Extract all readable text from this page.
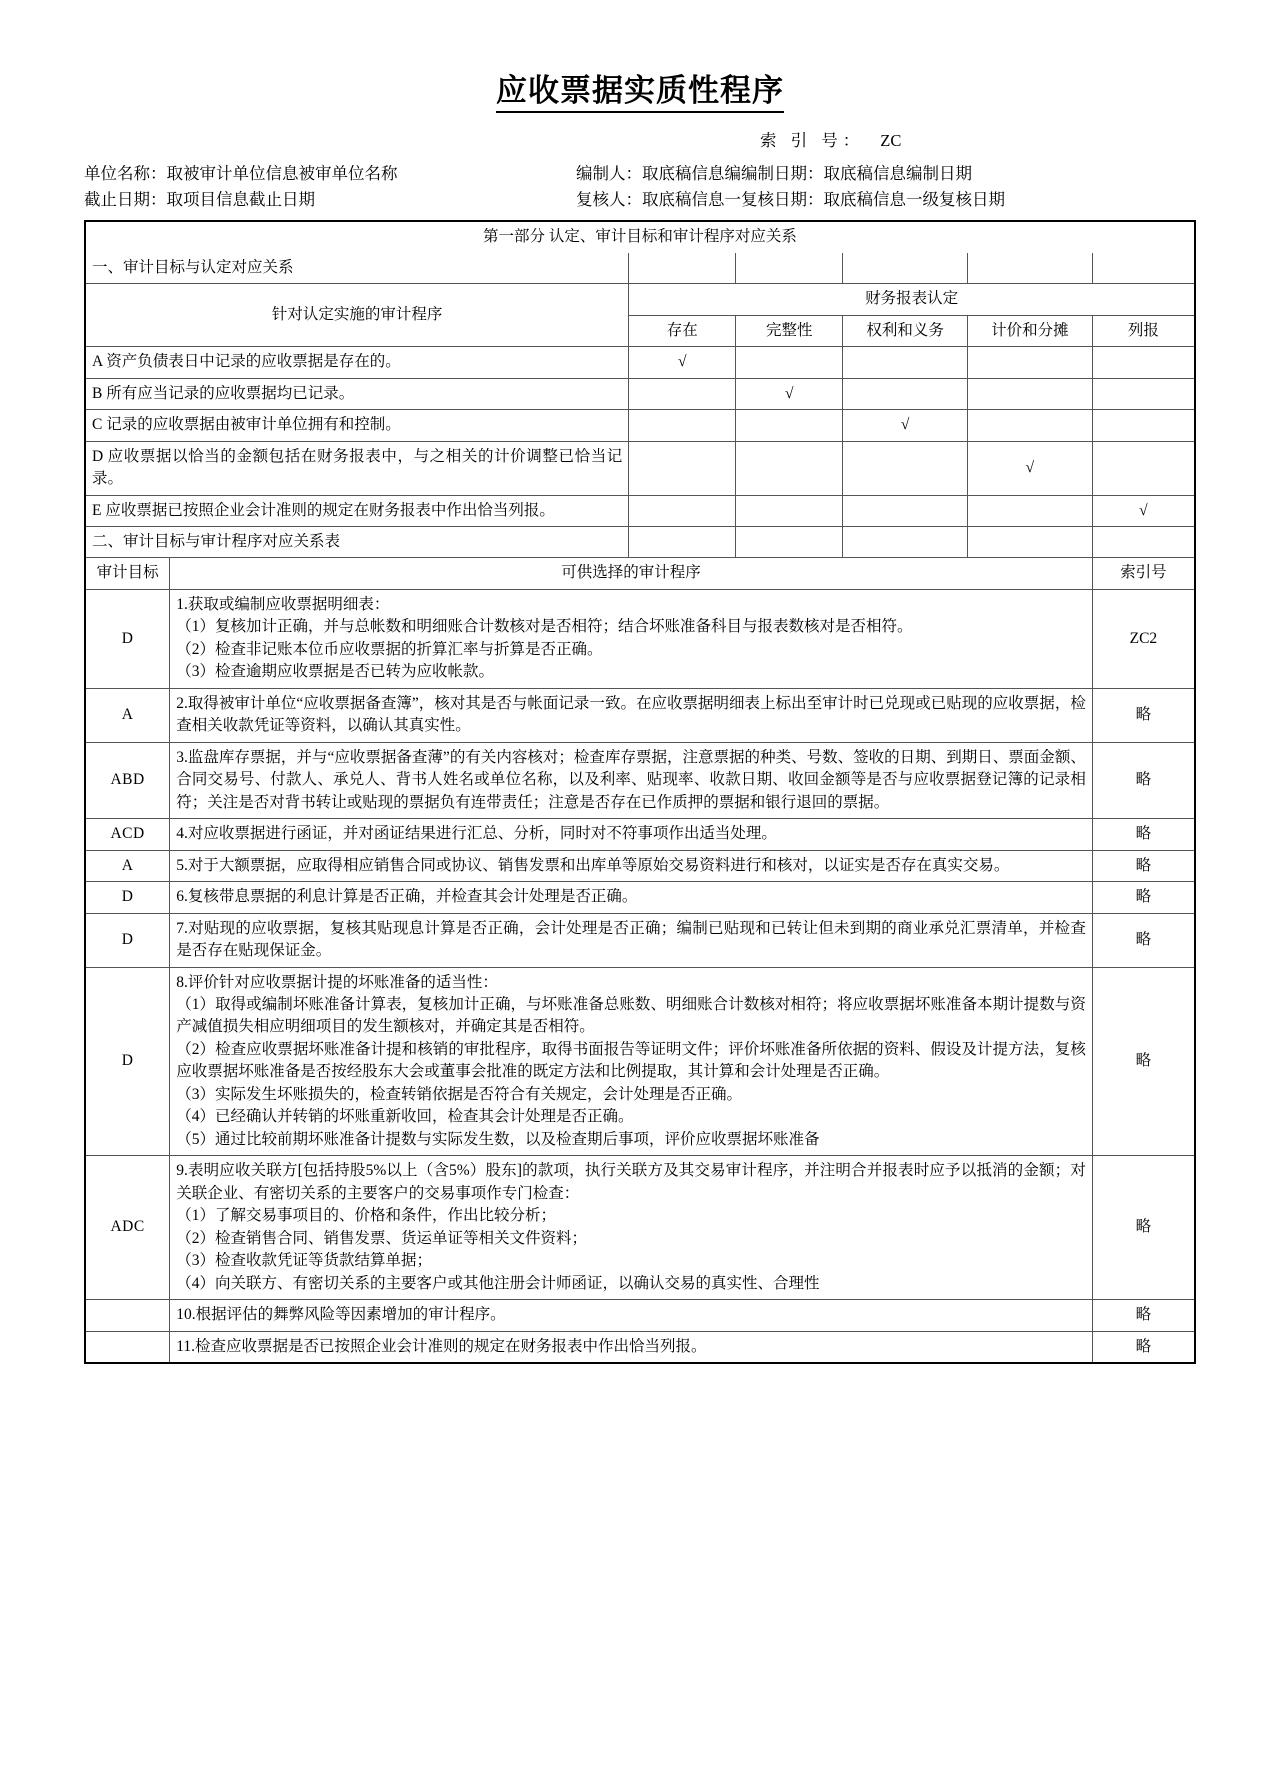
应收票据实质性程序
索 引 号： ZC
单位名称：取被审计单位信息被审单位名称	编制人：取底稿信息编编制日期：取底稿信息编制日期
截止日期：取项目信息截止日期	复核人：取底稿信息一复核日期：取底稿信息一级复核日期
第一部分 认定、审计目标和审计程序对应关系						
一、审计目标与认定对应关系						
针对认定实施的审计程序		财务报表认定				
		存在	完整性	权利和义务	计价和分摊	列报
A 资产负债表日中记录的应收票据是存在的。		√				
B 所有应当记录的应收票据均已记录。			√			
C 记录的应收票据由被审计单位拥有和控制。				√		
D 应收票据以恰当的金额包括在财务报表中，与之相关的计价调整已恰当记录。					√	
E 应收票据已按照企业会计准则的规定在财务报表中作出恰当列报。						√
二、审计目标与审计程序对应关系表						
审计目标	可供选择的审计程序					索引号
D	1.获取或编制应收票据明细表：
（1）复核加计正确，并与总帐数和明细账合计数核对是否相符；结合坏账准备科目与报表数核对是否相符。
（2）检查非记账本位币应收票据的折算汇率与折算是否正确。
（3）检查逾期应收票据是否已转为应收帐款。					ZC2
A	2.取得被审计单位“应收票据备查簿”，核对其是否与帐面记录一致。在应收票据明细表上标出至审计时已兑现或已贴现的应收票据，检查相关收款凭证等资料，以确认其真实性。					略
ABD	3.监盘库存票据，并与“应收票据备查薄”的有关内容核对；检查库存票据，注意票据的种类、号数、签收的日期、到期日、票面金额、合同交易号、付款人、承兑人、背书人姓名或单位名称，以及利率、贴现率、收款日期、收回金额等是否与应收票据登记簿的记录相符；关注是否对背书转让或贴现的票据负有连带责任；注意是否存在已作质押的票据和银行退回的票据。					略
ACD	4.对应收票据进行函证，并对函证结果进行汇总、分析，同时对不符事项作出适当处理。					略
A	5.对于大额票据，应取得相应销售合同或协议、销售发票和出库单等原始交易资料进行和核对，以证实是否存在真实交易。					略
D	6.复核带息票据的利息计算是否正确，并检查其会计处理是否正确。					略
D	7.对贴现的应收票据，复核其贴现息计算是否正确，会计处理是否正确；编制已贴现和已转让但未到期的商业承兑汇票清单，并检查是否存在贴现保证金。					略
D	
8.评价针对应收票据计提的坏账准备的适当性：
（1）取得或编制坏账准备计算表，复核加计正确，与坏账准备总账数、明细账合计数核对相符；将应收票据坏账准备本期计提数与资产减值损失相应明细项目的发生额核对，并确定其是否相符。
（2）检查应收票据坏账准备计提和核销的审批程序，取得书面报告等证明文件；评价坏账准备所依据的资料、假设及计提方法，复核应收票据坏账准备是否按经股东大会或董事会批准的既定方法和比例提取，其计算和会计处理是否正确。
（3）实际发生坏账损失的，检查转销依据是否符合有关规定，会计处理是否正确。
（4）已经确认并转销的坏账重新收回，检查其会计处理是否正确。
（5）通过比较前期坏账准备计提数与实际发生数，以及检查期后事项，评价应收票据坏账准备
	略
ADC	9.表明应收关联方[包括持股5%以上（含5%）股东]的款项，执行关联方及其交易审计程序，并注明合并报表时应予以抵消的金额；对关联企业、有密切关系的主要客户的交易事项作专门检查：
（1）了解交易事项目的、价格和条件，作出比较分析；
（2）检查销售合同、销售发票、货运单证等相关文件资料；
（3）检查收款凭证等货款结算单据；
（4）向关联方、有密切关系的主要客户或其他注册会计师函证，以确认交易的真实性、合理性					略

	10.根据评估的舞弊风险等因素增加的审计程序。					略

	11.检查应收票据是否已按照企业会计准则的规定在财务报表中作出恰当列报。					略
